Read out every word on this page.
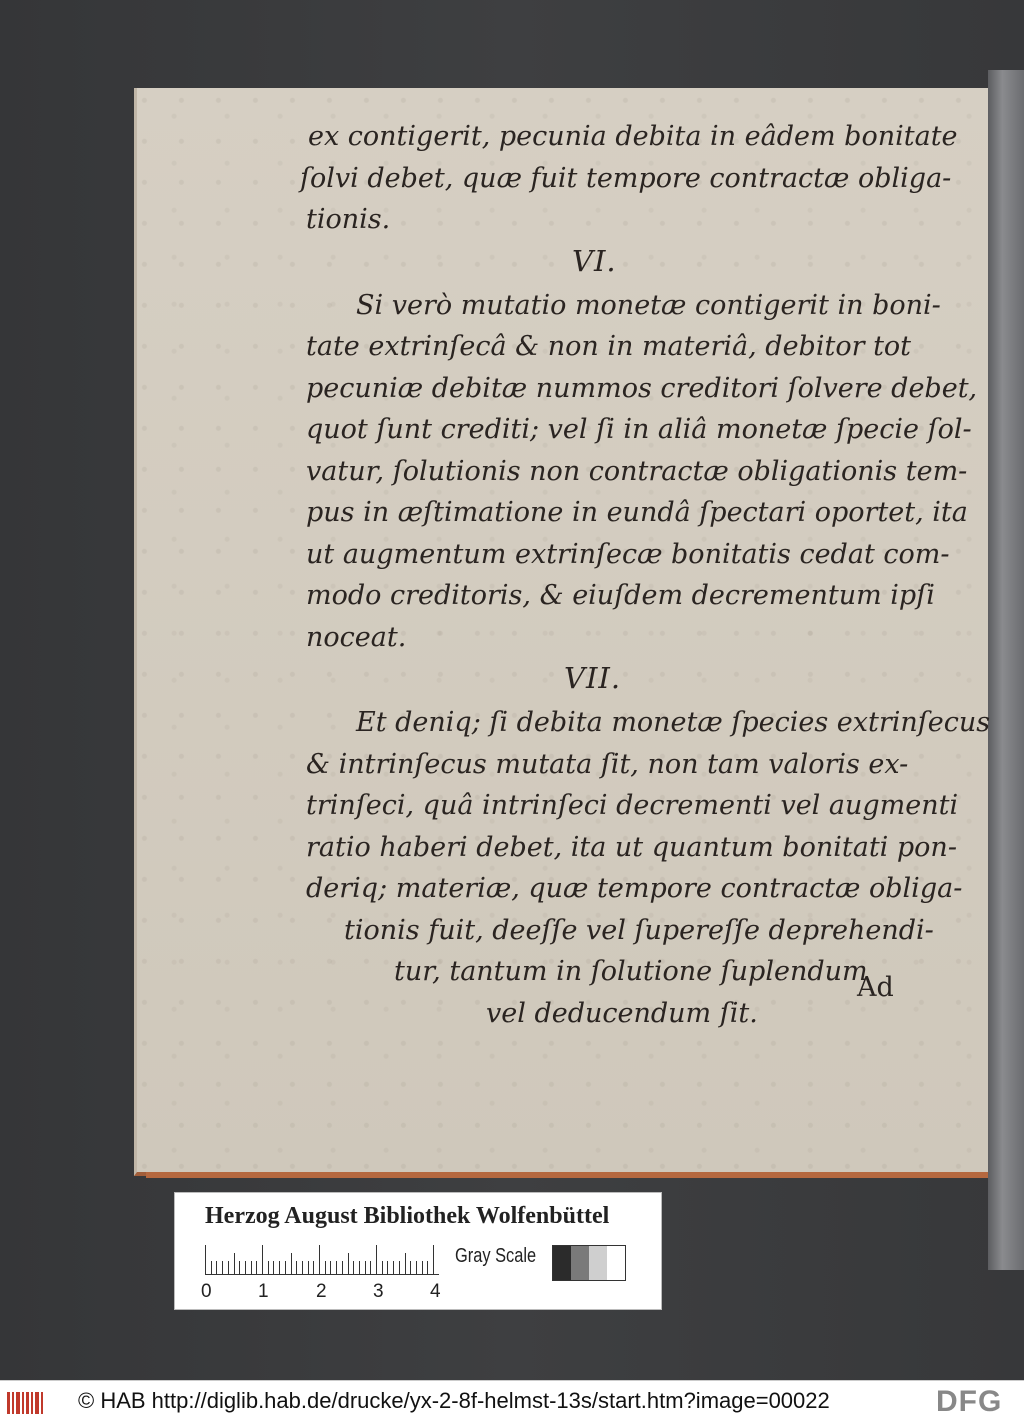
ex contigerit, pecunia debita in eâdem bonitate
ſolvi debet, quæ fuit tempore contractæ obliga-
tionis.
VI.
Si verò mutatio monetæ contigerit in boni-
tate extrinſecâ & non in materiâ, debitor tot
pecuniæ debitæ nummos creditori ſolvere debet,
quot ſunt crediti; vel ſi in aliâ monetæ ſpecie ſol-
vatur, ſolutionis non contractæ obligationis tem-
pus in æſtimatione in eundâ ſpectari oportet, ita
ut augmentum extrinſecæ bonitatis cedat com-
modo creditoris, & eiuſdem decrementum ipſi
noceat.
VII.
Et deniq; ſi debita monetæ ſpecies extrinſecus
& intrinſecus mutata ſit, non tam valoris ex-
trinſeci, quâ intrinſeci decrementi vel augmenti
ratio haberi debet, ita ut quantum bonitati pon-
deriq; materiæ, quæ tempore contractæ obliga-
tionis fuit, deeſſe vel ſupereſſe deprehendi-
tur, tantum in ſolutione ſuplendum
vel deducendum ſit.
Ad
Herzog August Bibliothek Wolfenbüttel
0 1 2 3 4
Gray Scale
© HAB http://diglib.hab.de/drucke/yx-2-8f-helmst-13s/start.htm?image=00022	DFG
